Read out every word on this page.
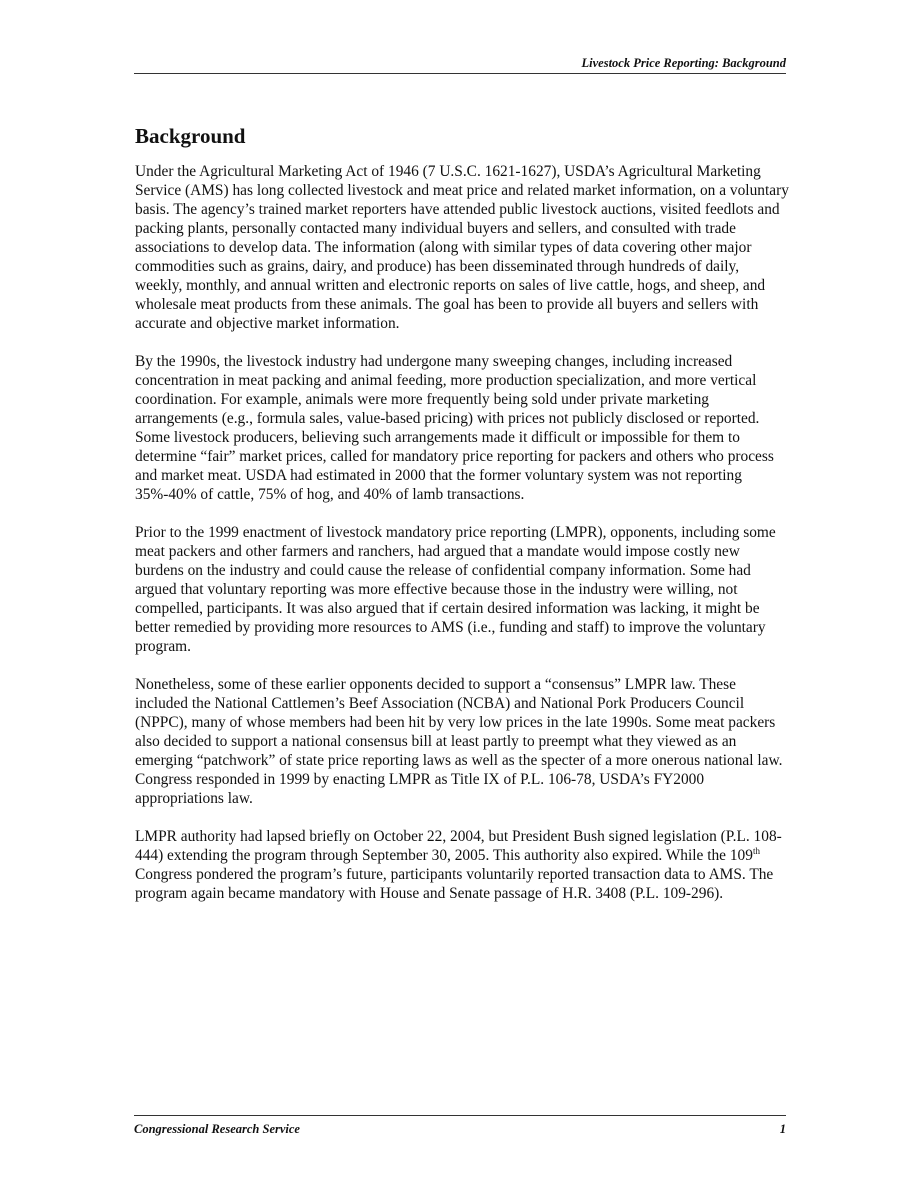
Livestock Price Reporting: Background
Background

Under the Agricultural Marketing Act of 1946 (7 U.S.C. 1621-1627), USDA’s Agricultural Marketing Service (AMS) has long collected livestock and meat price and related market information, on a voluntary basis. The agency’s trained market reporters have attended public livestock auctions, visited feedlots and packing plants, personally contacted many individual buyers and sellers, and consulted with trade associations to develop data. The information (along with similar types of data covering other major commodities such as grains, dairy, and produce) has been disseminated through hundreds of daily, weekly, monthly, and annual written and electronic reports on sales of live cattle, hogs, and sheep, and wholesale meat products from these animals. The goal has been to provide all buyers and sellers with accurate and objective market information.

By the 1990s, the livestock industry had undergone many sweeping changes, including increased concentration in meat packing and animal feeding, more production specialization, and more vertical coordination. For example, animals were more frequently being sold under private marketing arrangements (e.g., formula sales, value-based pricing) with prices not publicly disclosed or reported. Some livestock producers, believing such arrangements made it difficult or impossible for them to determine “fair” market prices, called for mandatory price reporting for packers and others who process and market meat. USDA had estimated in 2000 that the former voluntary system was not reporting 35%-40% of cattle, 75% of hog, and 40% of lamb transactions.

Prior to the 1999 enactment of livestock mandatory price reporting (LMPR), opponents, including some meat packers and other farmers and ranchers, had argued that a mandate would impose costly new burdens on the industry and could cause the release of confidential company information. Some had argued that voluntary reporting was more effective because those in the industry were willing, not compelled, participants. It was also argued that if certain desired information was lacking, it might be better remedied by providing more resources to AMS (i.e., funding and staff) to improve the voluntary program.

Nonetheless, some of these earlier opponents decided to support a “consensus” LMPR law. These included the National Cattlemen’s Beef Association (NCBA) and National Pork Producers Council (NPPC), many of whose members had been hit by very low prices in the late 1990s. Some meat packers also decided to support a national consensus bill at least partly to preempt what they viewed as an emerging “patchwork” of state price reporting laws as well as the specter of a more onerous national law. Congress responded in 1999 by enacting LMPR as Title IX of P.L. 106-78, USDA’s FY2000 appropriations law.

LMPR authority had lapsed briefly on October 22, 2004, but President Bush signed legislation (P.L. 108-444) extending the program through September 30, 2005. This authority also expired. While the 109th Congress pondered the program’s future, participants voluntarily reported transaction data to AMS. The program again became mandatory with House and Senate passage of H.R. 3408 (P.L. 109-296).

Congressional Research Service	1
